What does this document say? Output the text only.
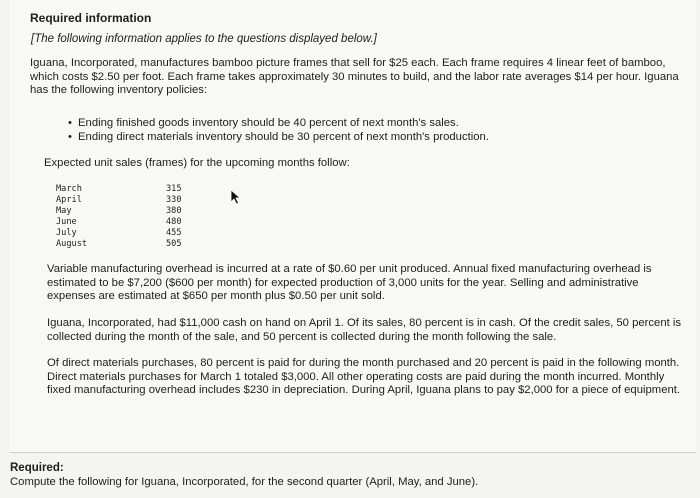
Required information
[The following information applies to the questions displayed below.]

Iguana, Incorporated, manufactures bamboo picture frames that sell for $25 each. Each frame requires 4 linear feet of bamboo, which costs $2.50 per foot. Each frame takes approximately 30 minutes to build, and the labor rate averages $14 per hour. Iguana has the following inventory policies:

• Ending finished goods inventory should be 40 percent of next month's sales.
• Ending direct materials inventory should be 30 percent of next month's production.

Expected unit sales (frames) for the upcoming months follow:

March	315
April	330
May	380
June	480
July	455
August	505

Variable manufacturing overhead is incurred at a rate of $0.60 per unit produced. Annual fixed manufacturing overhead is estimated to be $7,200 ($600 per month) for expected production of 3,000 units for the year. Selling and administrative expenses are estimated at $650 per month plus $0.50 per unit sold.

Iguana, Incorporated, had $11,000 cash on hand on April 1. Of its sales, 80 percent is in cash. Of the credit sales, 50 percent is collected during the month of the sale, and 50 percent is collected during the month following the sale.

Of direct materials purchases, 80 percent is paid for during the month purchased and 20 percent is paid in the following month. Direct materials purchases for March 1 totaled $3,000. All other operating costs are paid during the month incurred. Monthly fixed manufacturing overhead includes $230 in depreciation. During April, Iguana plans to pay $2,000 for a piece of equipment.

Required:
Compute the following for Iguana, Incorporated, for the second quarter (April, May, and June).
